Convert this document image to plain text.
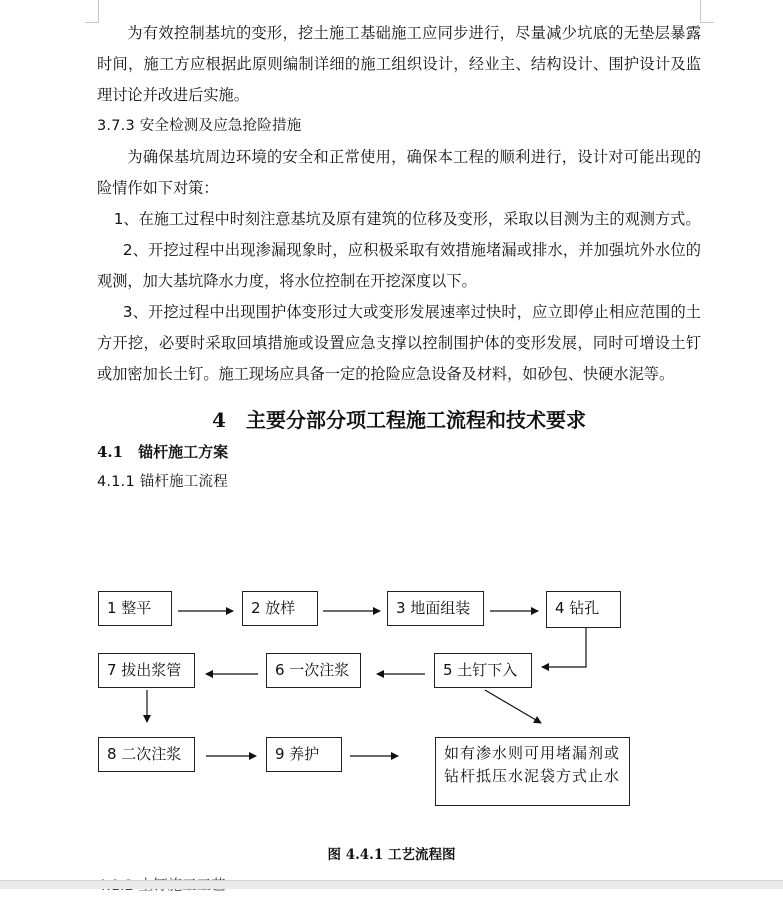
为有效控制基坑的变形，挖土施工基础施工应同步进行，尽量减少坑底的无垫层暴露时间，施工方应根据此原则编制详细的施工组织设计，经业主、结构设计、围护设计及监理讨论并改进后实施。

3.7.3 安全检测及应急抢险措施

为确保基坑周边环境的安全和正常使用，确保本工程的顺利进行，设计对可能出现的险情作如下对策：

1、在施工过程中时刻注意基坑及原有建筑的位移及变形，采取以目测为主的观测方式。

2、开挖过程中出现渗漏现象时，应积极采取有效措施堵漏或排水，并加强坑外水位的观测，加大基坑降水力度，将水位控制在开挖深度以下。

3、开挖过程中出现围护体变形过大或变形发展速率过快时，应立即停止相应范围的土方开挖，必要时采取回填措施或设置应急支撑以控制围护体的变形发展，同时可增设土钉或加密加长土钉。施工现场应具备一定的抢险应急设备及材料，如砂包、快硬水泥等。

4　主要分部分项工程施工流程和技术要求
4.1　锚杆施工方案

4.1.1 锚杆施工流程

1 整平	2 放样	3 地面组装	4 钻孔
5 土钉下入
6 一次注浆
7 拔出浆管
8 二次注浆	9 养护	如有渗水则可用堵漏剂或钻杆抵压水泥袋方式止水
图 4.4.1 工艺流程图
